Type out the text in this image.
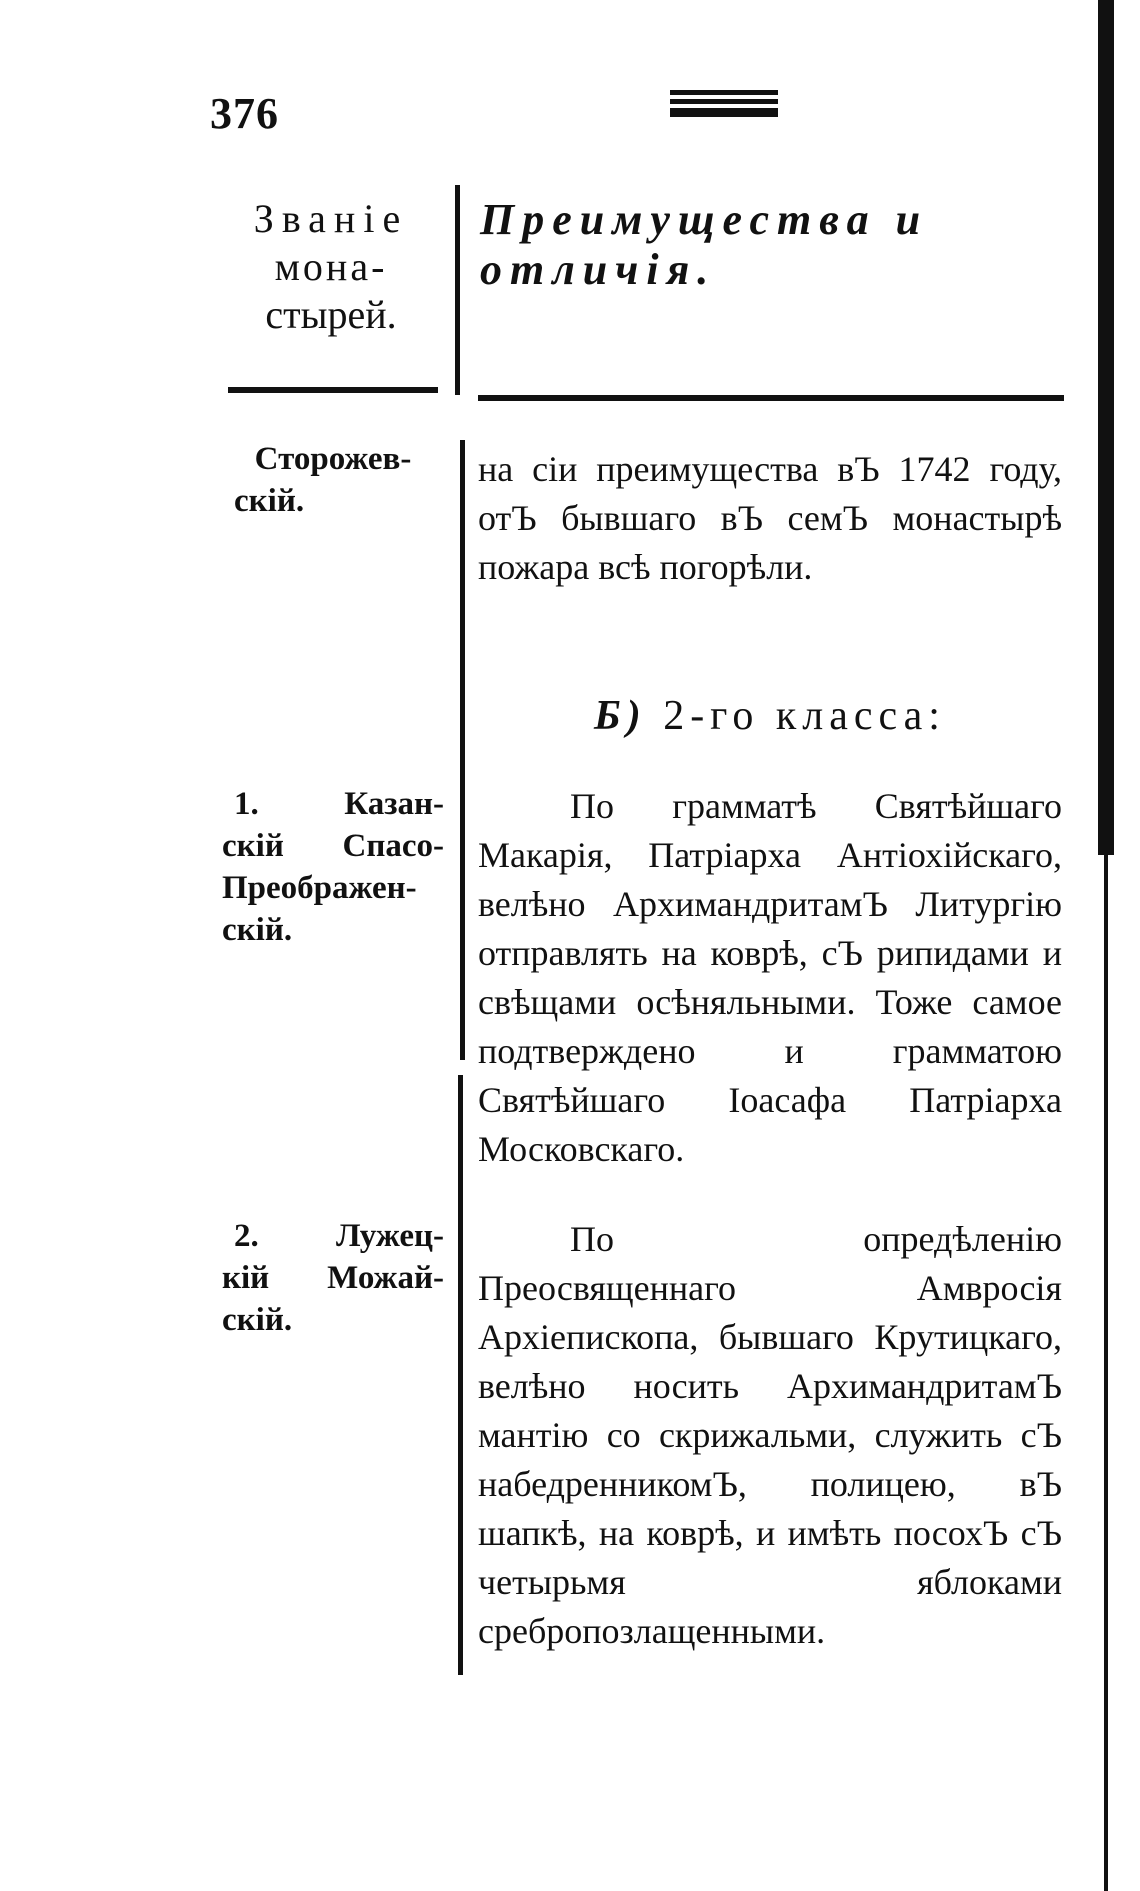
376
Званіе
мона-
стырей.
Преимущества и
отличія.
Сторожев-
скій.

на сіи преимущества вЪ 1742 году, отЪ бывшаго вЪ семЪ монастырѣ пожара всѣ погорѣли.

Б) 2-го класса:
1. Казан-
скій Спасо-
Преображен-
скій.

По грамматѣ Святѣйшаго Макарія, Патріарха Антіохійскаго, велѣно АрхимандритамЪ Литургію отправлять на коврѣ, сЪ рипидами и свѣщами осѣняльными. Тоже самое подтверждено и грамматою Святѣйшаго Іоасафа Патріарха Московскаго.

2. Лужец-
кій Можай-
скій.

По опредѣленію Преосвященнаго Амвросія Архіепископа, бывшаго Крутицкаго, велѣно носить АрхимандритамЪ мантію со скрижальми, служить сЪ набедренникомЪ, полицею, вЪ шапкѣ, на коврѣ, и имѣть посохЪ сЪ четырьмя яблоками сребропозлащенными.
